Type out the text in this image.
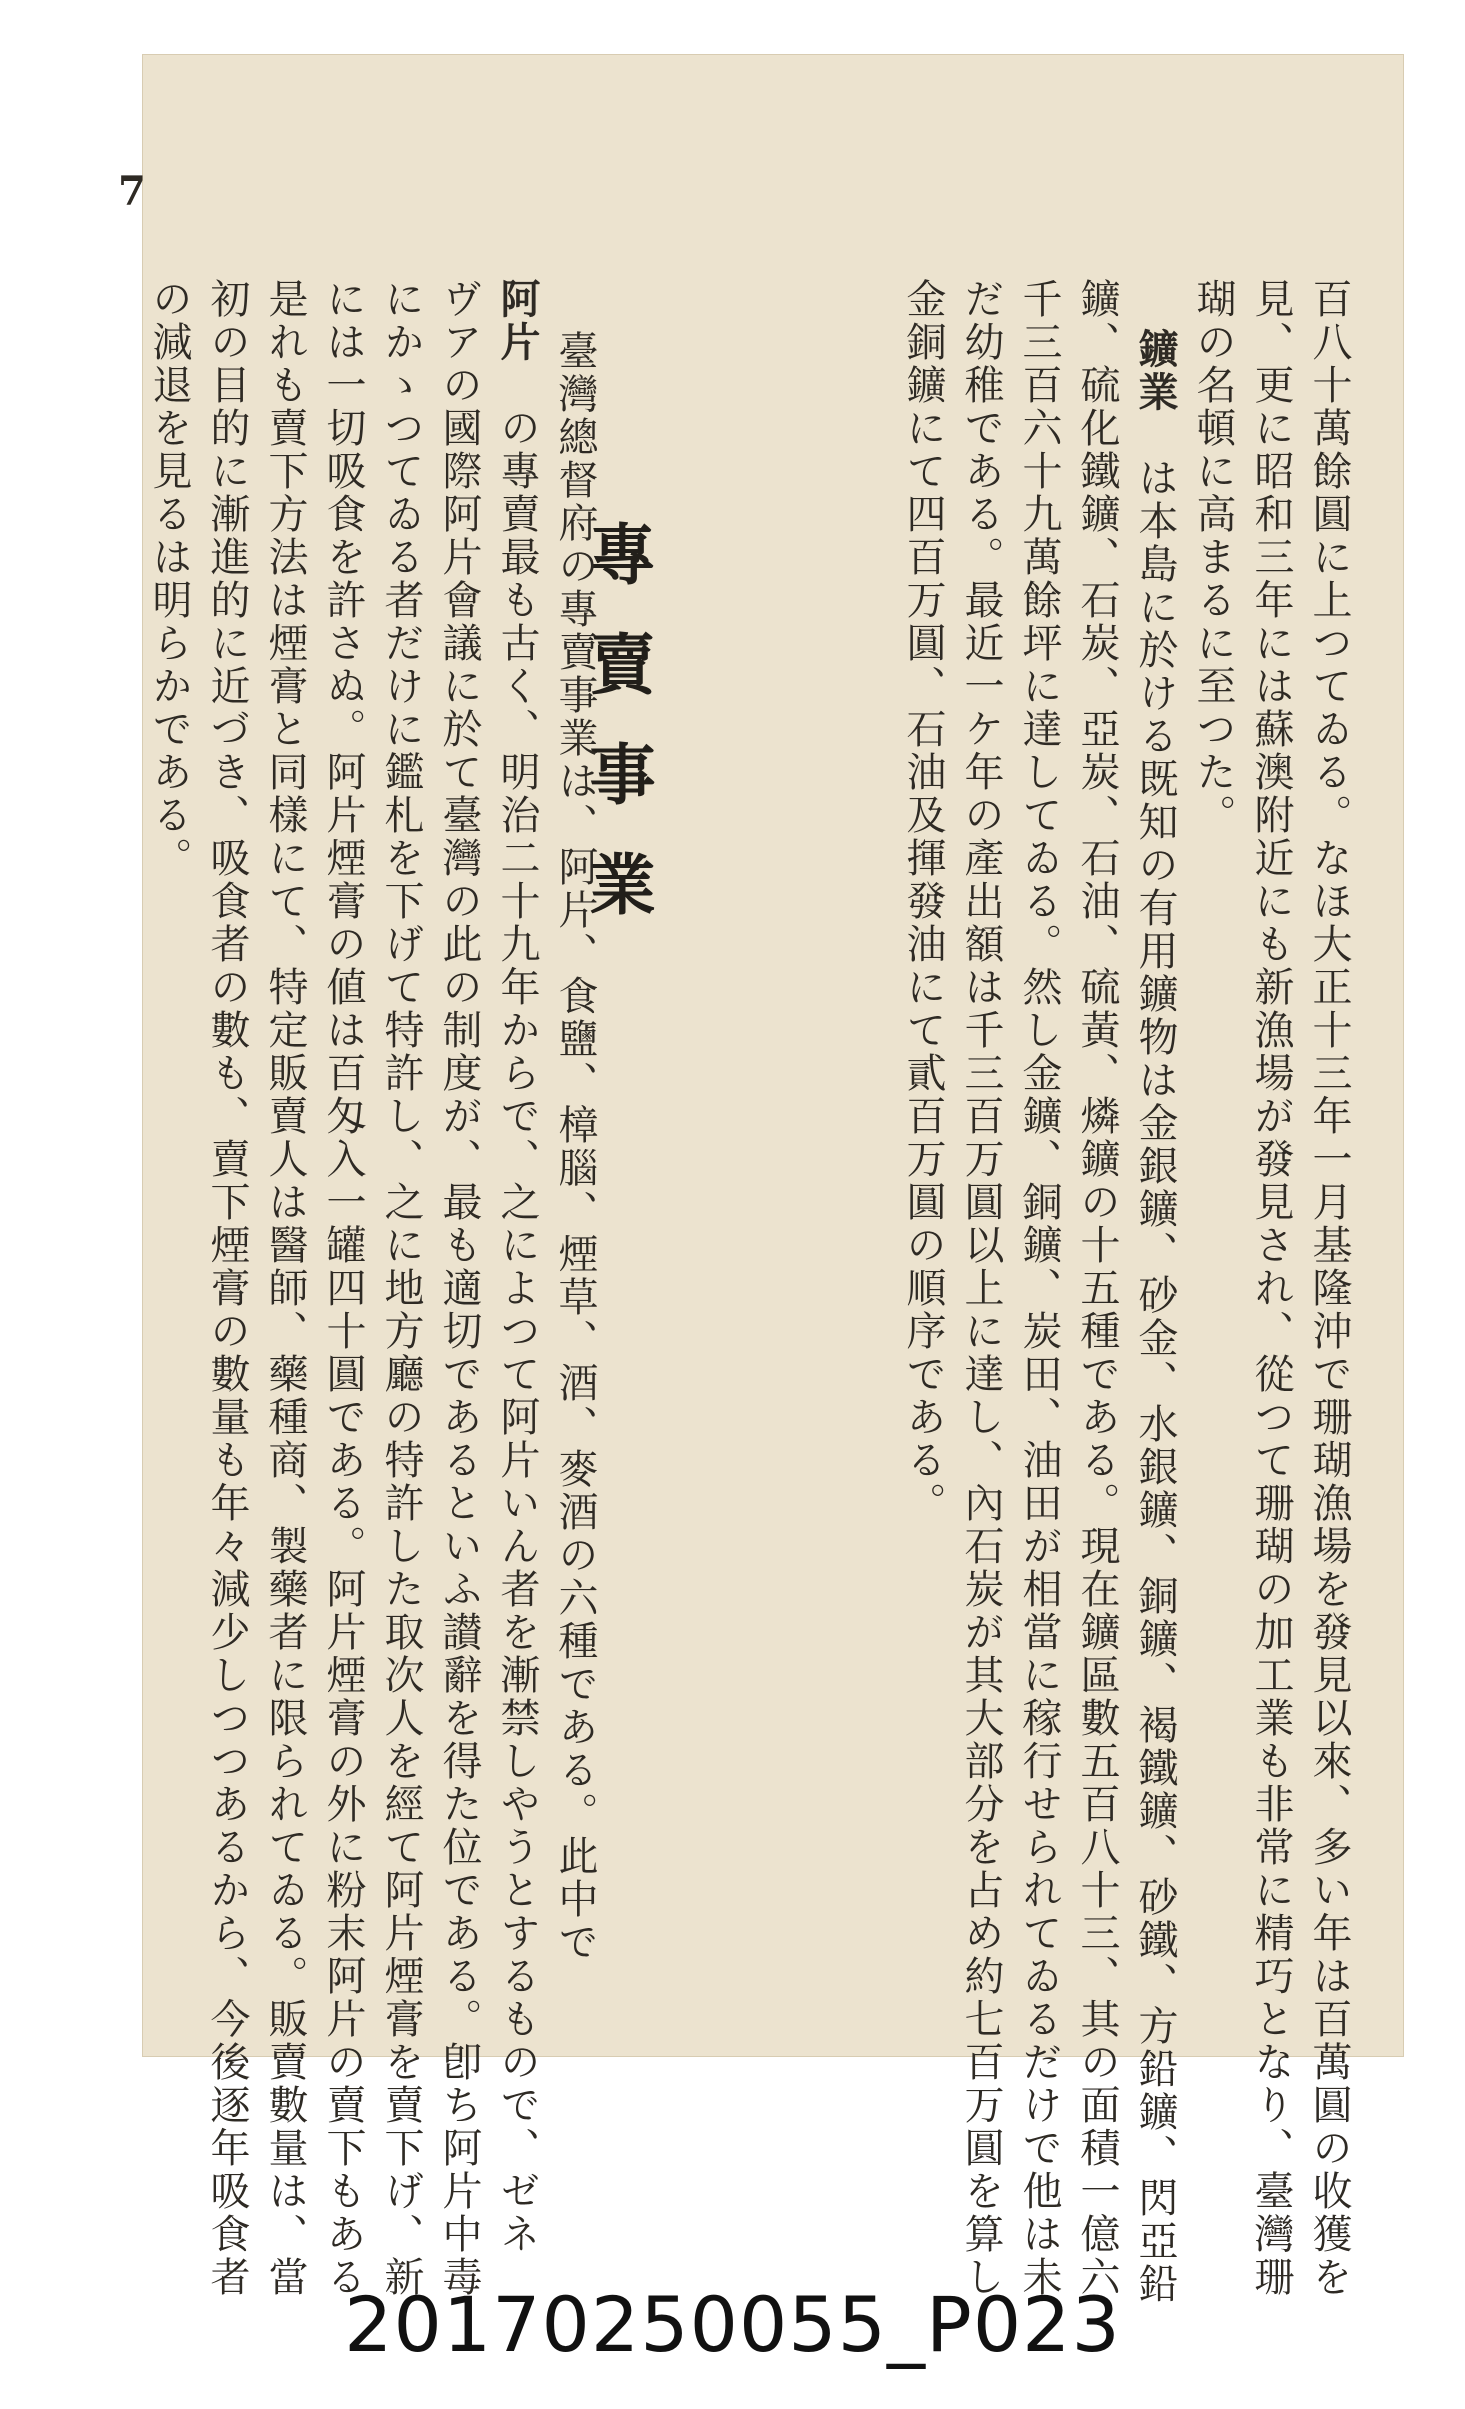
7
百八十萬餘圓に上つてゐる。なほ大正十三年一月基隆沖で珊瑚漁場を發見以來、多い年は百萬圓の收獲を
見、更に昭和三年には蘇澳附近にも新漁場が發見され、從つて珊瑚の加工業も非常に精巧となり、臺灣珊
瑚の名頓に高まるに至つた。
鑛業　は本島に於ける既知の有用鑛物は金銀鑛、砂金、水銀鑛、銅鑛、褐鐵鑛、砂鐵、方鉛鑛、閃亞鉛
鑛、硫化鐵鑛、石炭、亞炭、石油、硫黃、燐鑛の十五種である。現在鑛區數五百八十三、其の面積一億六
千三百六十九萬餘坪に達してゐる。然し金鑛、銅鑛、炭田、油田が相當に稼行せられてゐるだけで他は未
だ幼稚である。最近一ケ年の產出額は千三百万圓以上に達し、內石炭が其大部分を占め約七百万圓を算し
金銅鑛にて四百万圓、石油及揮發油にて貳百万圓の順序である。
專賣事業
臺灣總督府の專賣事業は、阿片、食鹽、樟腦、煙草、酒、麥酒の六種である。此中で
阿片　の專賣最も古く、明治二十九年からで、之によつて阿片いん者を漸禁しやうとするもので、ゼネ
ヴアの國際阿片會議に於て臺灣の此の制度が、最も適切であるといふ讃辭を得た位である。卽ち阿片中毒
にかゝつてゐる者だけに鑑札を下げて特許し、之に地方廳の特許した取次人を經て阿片煙膏を賣下げ、新
には一切吸食を許さぬ。阿片煙膏の値は百匁入一罐四十圓である。阿片煙膏の外に粉末阿片の賣下もある
是れも賣下方法は煙膏と同樣にて、特定販賣人は醫師、藥種商、製藥者に限られてゐる。販賣數量は、當
初の目的に漸進的に近づき、吸食者の數も、賣下煙膏の數量も年々減少しつつあるから、今後逐年吸食者
の減退を見るは明らかである。
20170250055_P023
